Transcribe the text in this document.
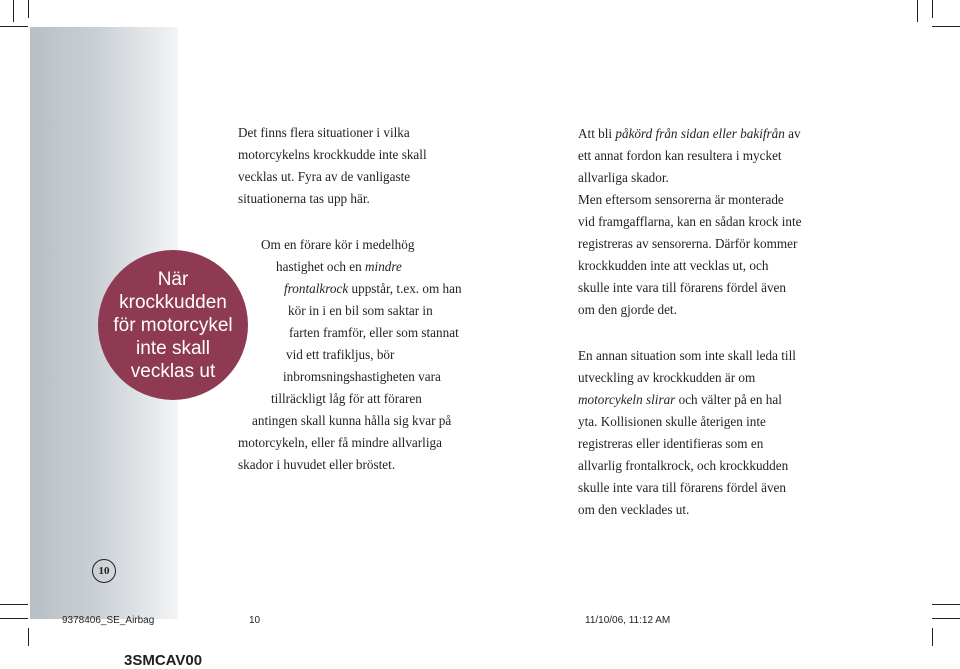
När
krockkudden
för motorcykel
inte skall
vecklas ut
Det finns flera situationer i vilka
motorcykelns krockkudde inte skall
vecklas ut. Fyra av de vanligaste
situationerna tas upp här.
Om en förare kör i medelhög
hastighet och en mindre
frontalkrock uppstår, t.ex. om han
kör in i en bil som saktar in
farten framför, eller som stannat
vid ett trafikljus, bör
inbromsningshastigheten vara
tillräckligt låg för att föraren
antingen skall kunna hålla sig kvar på
motorcykeln, eller få mindre allvarliga
skador i huvudet eller bröstet.
Att bli påkörd från sidan eller bakifrån av
ett annat fordon kan resultera i mycket
allvarliga skador.
Men eftersom sensorerna är monterade
vid framgafflarna, kan en sådan krock inte
registreras av sensorerna. Därför kommer
krockkudden inte att vecklas ut, och
skulle inte vara till förarens fördel även
om den gjorde det.
En annan situation som inte skall leda till
utveckling av krockkudden är om
motorcykeln slirar och välter på en hal
yta. Kollisionen skulle återigen inte
registreras eller identifieras som en
allvarlig frontalkrock, och krockkudden
skulle inte vara till förarens fördel även
om den vecklades ut.
10
9378406_SE_Airbag	10	11/10/06, 11:12 AM
3SMCAV00
